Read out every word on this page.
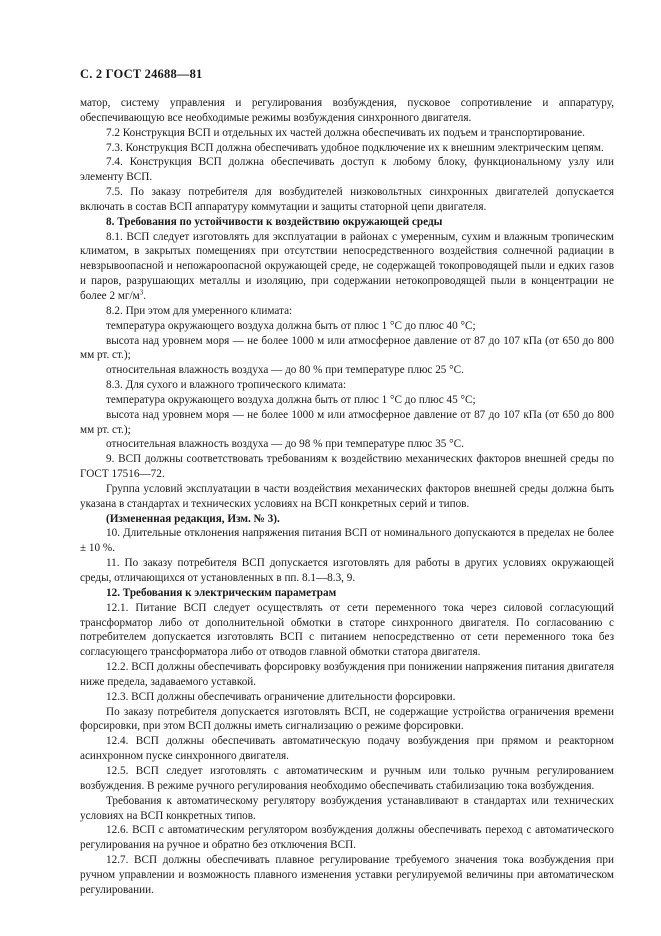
С. 2 ГОСТ 24688—81

матор, систему управления и регулирования возбуждения, пусковое сопротивление и аппаратуру, обеспечивающую все необходимые режимы возбуждения синхронного двигателя.

7.2 Конструкция ВСП и отдельных их частей должна обеспечивать их подъем и транспортирование.

7.3. Конструкция ВСП должна обеспечивать удобное подключение их к внешним электрическим цепям.

7.4. Конструкция ВСП должна обеспечивать доступ к любому блоку, функциональному узлу или элементу ВСП.

7.5. По заказу потребителя для возбудителей низковольтных синхронных двигателей допускается включать в состав ВСП аппаратуру коммутации и защиты статорной цепи двигателя.

8. Требования по устойчивости к воздействию окружающей среды

8.1. ВСП следует изготовлять для эксплуатации в районах с умеренным, сухим и влажным тропическим климатом, в закрытых помещениях при отсутствии непосредственного воздействия солнечной радиации в невзрывоопасной и непожароопасной окружающей среде, не содержащей токопроводящей пыли и едких газов и паров, разрушающих металлы и изоляцию, при содержании нетокопроводящей пыли в концентрации не более 2 $мг/м^3$.

8.2. При этом для умеренного климата:

температура окружающего воздуха должна быть от плюс 1 °С до плюс 40 °С;

высота над уровнем моря — не более 1000 м или атмосферное давление от 87 до 107 кПа (от 650 до 800 мм рт. ст.);

относительная влажность воздуха — до 80 % при температуре плюс 25 °С.

8.3. Для сухого и влажного тропического климата:

температура окружающего воздуха должна быть от плюс 1 °С до плюс 45 °С;

высота над уровнем моря — не более 1000 м или атмосферное давление от 87 до 107 кПа (от 650 до 800 мм рт. ст.);

относительная влажность воздуха — до 98 % при температуре плюс 35 °С.

9. ВСП должны соответствовать требованиям к воздействию механических факторов внешней среды по ГОСТ 17516—72.

Группа условий эксплуатации в части воздействия механических факторов внешней среды должна быть указана в стандартах и технических условиях на ВСП конкретных серий и типов.

(Измененная редакция, Изм. № 3).

10. Длительные отклонения напряжения питания ВСП от номинального допускаются в пределах не более ± 10 %.

11. По заказу потребителя ВСП допускается изготовлять для работы в других условиях окружающей среды, отличающихся от установленных в пп. 8.1—8.3, 9.

12. Требования к электрическим параметрам

12.1. Питание ВСП следует осуществлять от сети переменного тока через силовой согласующий трансформатор либо от дополнительной обмотки в статоре синхронного двигателя. По согласованию с потребителем допускается изготовлять ВСП с питанием непосредственно от сети переменного тока без согласующего трансформатора либо от отводов главной обмотки статора двигателя.

12.2. ВСП должны обеспечивать форсировку возбуждения при понижении напряжения питания двигателя ниже предела, задаваемого уставкой.

12.3. ВСП должны обеспечивать ограничение длительности форсировки.

По заказу потребителя допускается изготовлять ВСП, не содержащие устройства ограничения времени форсировки, при этом ВСП должны иметь сигнализацию о режиме форсировки.

12.4. ВСП должны обеспечивать автоматическую подачу возбуждения при прямом и реакторном асинхронном пуске синхронного двигателя.

12.5. ВСП следует изготовлять с автоматическим и ручным или только ручным регулированием возбуждения. В режиме ручного регулирования необходимо обеспечивать стабилизацию тока возбуждения.

Требования к автоматическому регулятору возбуждения устанавливают в стандартах или технических условиях на ВСП конкретных типов.

12.6. ВСП с автоматическим регулятором возбуждения должны обеспечивать переход с автоматического регулирования на ручное и обратно без отключения ВСП.

12.7. ВСП должны обеспечивать плавное регулирование требуемого значения тока возбуждения при ручном управлении и возможность плавного изменения уставки регулируемой величины при автоматическом регулировании.
